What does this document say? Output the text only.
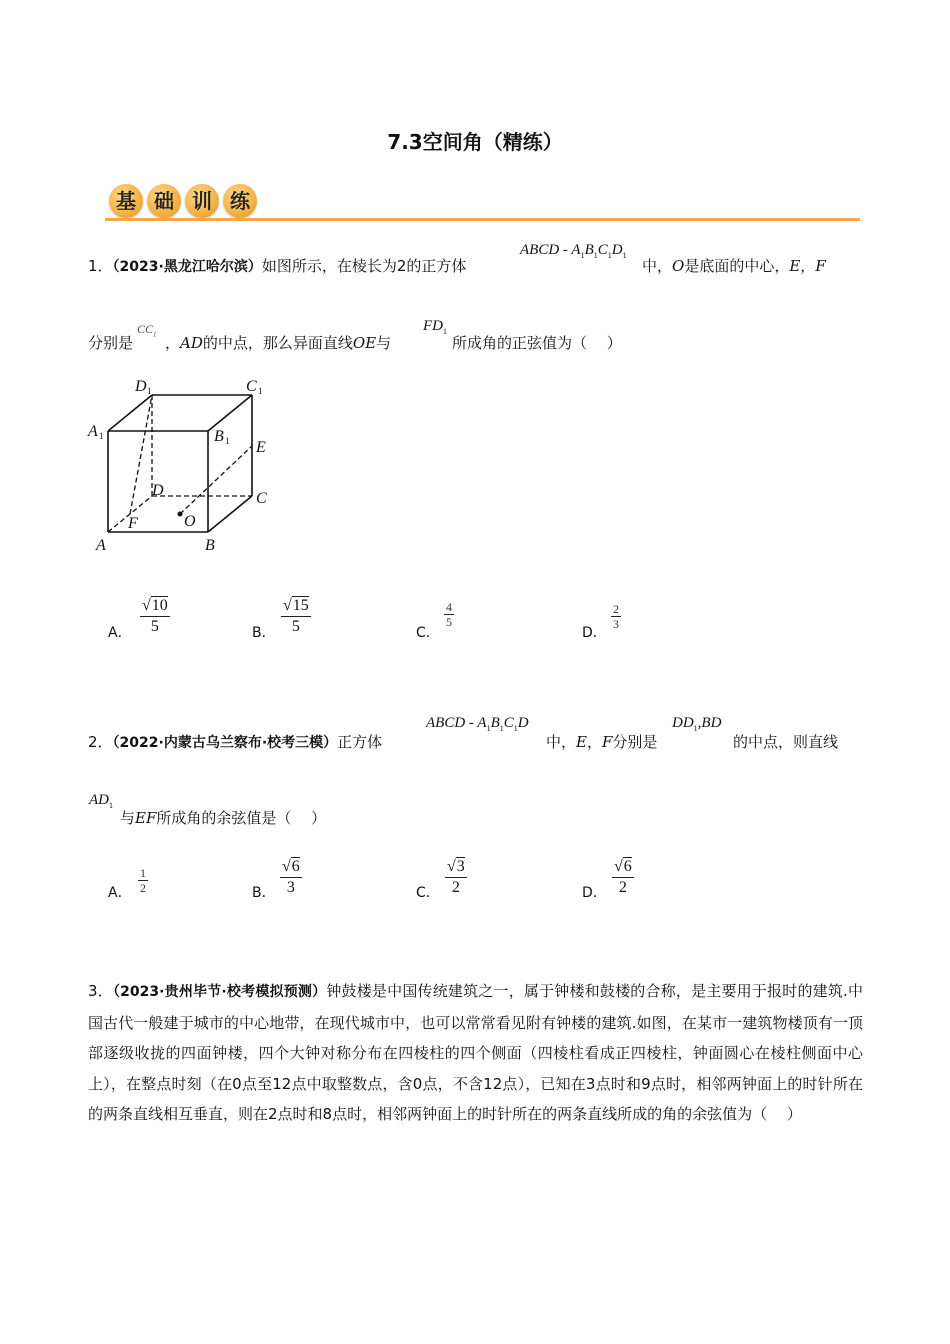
7.3空间角（精练）
基 础 训 练
1．（2023·黑龙江哈尔滨）如图所示，在棱长为2的正方体
ABCD - $A_1B_1C_1D_1$
中，O是底面的中心，E，F
分别是
$CC_1$ ，AD的中点，那么异面直线OE与
$FD_1$
所成角的正弦值为（　 ）
D 1	C 1
A 1	B 1 E
D	C
F	O
A	B
A． $\frac{√10}{5}$	B． $\frac{√15}{5}$	C．
$\frac{4}{5}$
D．
$\frac{2}{3}$
2．（2022·内蒙古乌兰察布·校考三模）正方体
ABCD - $A_1B_1C_1D$
中，E，F分别是
$DD_1,BD$
的中点，则直线
$AD_1$
与EF所成角的余弦值是（　 ）
A． $\frac{1}{2}$	B． $\frac{√6}{3}$	C． $\frac{√3}{2}$	D． $\frac{√6}{2}$
3．（2023·贵州毕节·校考模拟预测）钟鼓楼是中国传统建筑之一，属于钟楼和鼓楼的合称，是主要用于报时的建筑.中国古代一般建于城市的中心地带，在现代城市中，也可以常常看见附有钟楼的建筑.如图，在某市一建筑物楼顶有一顶部逐级收拢的四面钟楼，四个大钟对称分布在四棱柱的四个侧面（四棱柱看成正四棱柱，钟面圆心在棱柱侧面中心上），在整点时刻（在0点至12点中取整数点，含0点，不含12点），已知在3点时和9点时，相邻两钟面上的时针所在的两条直线相互垂直，则在2点时和8点时，相邻两钟面上的时针所在的两条直线所成的角的余弦值为（　 ）
